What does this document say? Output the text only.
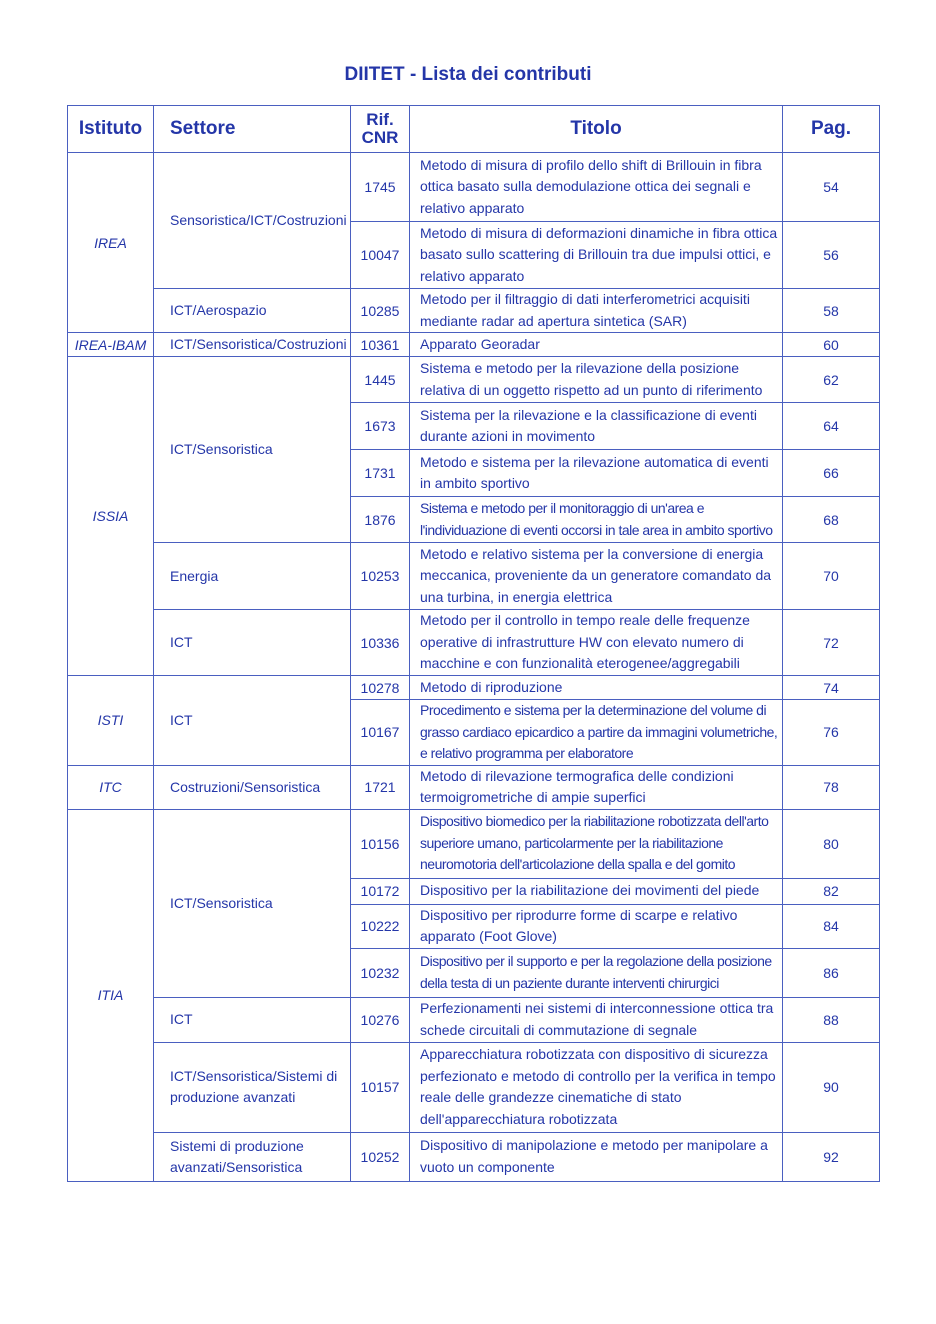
DIITET - Lista dei contributi
Istituto	Settore	Rif. CNR	Titolo	Pag.
IREA	Sensoristica/ICT/Costruzioni	1745	Metodo di misura di profilo dello shift di Brillouin in fibra ottica basato sulla demodulazione ottica dei segnali e relativo apparato	54
		10047	Metodo di misura di deformazioni dinamiche in fibra ottica basato sullo scattering di Brillouin tra due impulsi ottici, e relativo apparato	56
	ICT/Aerospazio	10285	Metodo per il filtraggio di dati interferometrici acquisiti mediante radar ad apertura sintetica (SAR)	58
IREA-IBAM	ICT/Sensoristica/Costruzioni	10361	Apparato Georadar	60
ISSIA	ICT/Sensoristica	1445	Sistema e metodo per la rilevazione della posizione relativa di un oggetto rispetto ad un punto di riferimento	62
		1673	Sistema per la rilevazione e la classificazione di eventi durante azioni in movimento	64
		1731	Metodo e sistema per la rilevazione automatica di eventi in ambito sportivo	66
		1876	Sistema e metodo per il monitoraggio di un'area e l'individuazione di eventi occorsi in tale area in ambito sportivo	68
	Energia	10253	Metodo e relativo sistema per la conversione di energia meccanica, proveniente da un generatore comandato da una turbina, in energia elettrica	70
	ICT	10336	Metodo per il controllo in tempo reale delle frequenze operative di infrastrutture HW con elevato numero di macchine e con funzionalità eterogenee/aggregabili	72
ISTI	ICT	10278	Metodo di riproduzione	74
		10167	Procedimento e sistema per la determinazione del volume di grasso cardiaco epicardico a partire da immagini volumetriche, e relativo programma per elaboratore	76
ITC	Costruzioni/Sensoristica	1721	Metodo di rilevazione termografica delle condizioni termoigrometriche di ampie superfici	78
ITIA	ICT/Sensoristica	10156	Dispositivo biomedico per la riabilitazione robotizzata dell'arto superiore umano, particolarmente per la riabilitazione neuromotoria dell'articolazione della spalla e del gomito	80
		10172	Dispositivo per la riabilitazione dei movimenti del piede	82
		10222	Dispositivo per riprodurre forme di scarpe e relativo apparato (Foot Glove)	84
		10232	Dispositivo per il supporto e per la regolazione della posizione della testa di un paziente durante interventi chirurgici	86
	ICT	10276	Perfezionamenti nei sistemi di interconnessione ottica tra schede circuitali di commutazione di segnale	88
	ICT/Sensoristica/Sistemi di produzione avanzati	10157	Apparecchiatura robotizzata con dispositivo di sicurezza perfezionato e metodo di controllo per la verifica in tempo reale delle grandezze cinematiche di stato dell'apparecchiatura robotizzata	90
	Sistemi di produzione avanzati/Sensoristica	10252	Dispositivo di manipolazione e metodo per manipolare a vuoto un componente	92
